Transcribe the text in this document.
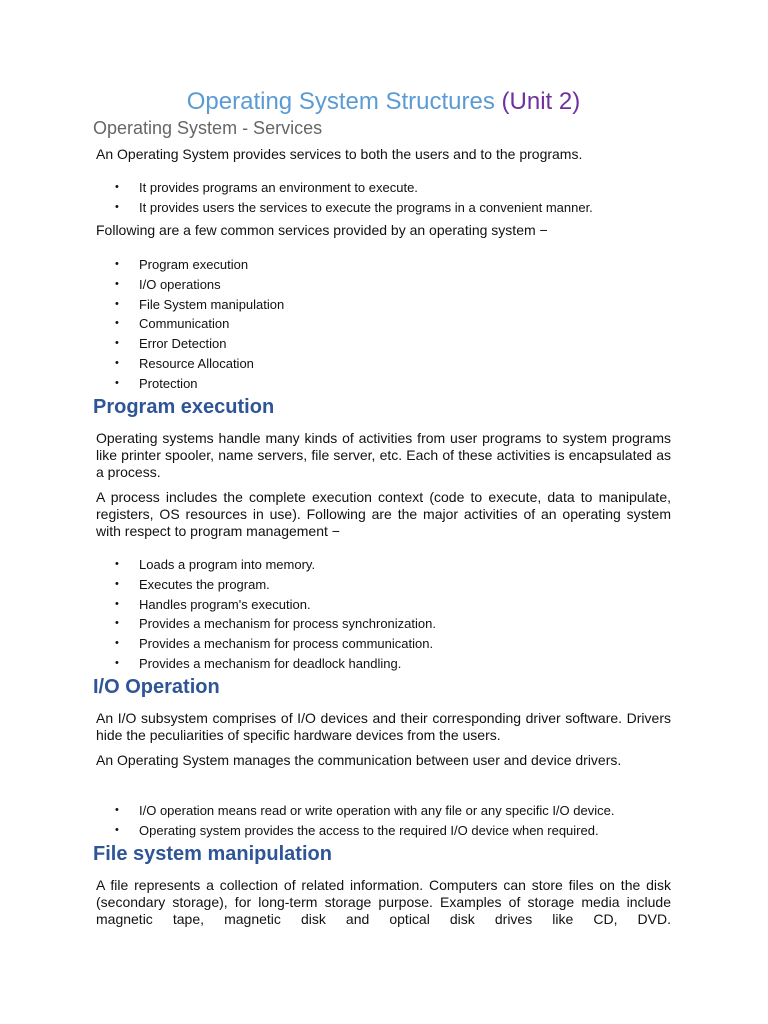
Operating System Structures (Unit 2)
Operating System - Services

An Operating System provides services to both the users and to the programs.

• It provides programs an environment to execute.
• It provides users the services to execute the programs in a convenient manner.

Following are a few common services provided by an operating system −

• Program execution
• I/O operations
• File System manipulation
• Communication
• Error Detection
• Resource Allocation
• Protection
Program execution

Operating systems handle many kinds of activities from user programs to system programs like printer spooler, name servers, file server, etc. Each of these activities is encapsulated as a process.

A process includes the complete execution context (code to execute, data to manipulate, registers, OS resources in use). Following are the major activities of an operating system with respect to program management −

• Loads a program into memory.
• Executes the program.
• Handles program's execution.
• Provides a mechanism for process synchronization.
• Provides a mechanism for process communication.
• Provides a mechanism for deadlock handling.
I/O Operation

An I/O subsystem comprises of I/O devices and their corresponding driver software. Drivers hide the peculiarities of specific hardware devices from the users.

An Operating System manages the communication between user and device drivers.

• I/O operation means read or write operation with any file or any specific I/O device.
• Operating system provides the access to the required I/O device when required.
File system manipulation

A file represents a collection of related information. Computers can store files on the disk (secondary storage), for long-term storage purpose. Examples of storage media include magnetic tape, magnetic disk and optical disk drives like CD, DVD.
